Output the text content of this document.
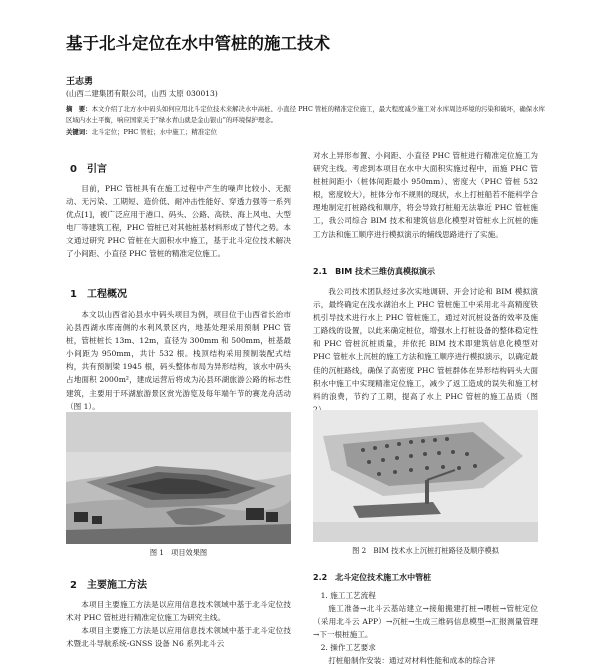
基于北斗定位在水中管桩的施工技术
王志勇
(山西二建集团有限公司，山西 太原 030013)
摘　要：本文介绍了北方水中码头如何应用北斗定位技术来解决水中高桩、小直径 PHC 管桩的精准定位施工，最大程度减少施工对水库周边环境的污染和破坏，确保水库区域内水土平衡，响应国家关于“绿水青山就是金山银山”的环境保护理念。
关键词：北斗定位；PHC 管桩；水中施工；精准定位
0　引言

目前，PHC 管桩具有在施工过程中产生的噪声比较小、无振动、无污染、工期短、造价低、耐冲击性能好、穿透力强等一系列优点[1]，被广泛应用于港口、码头、公路、高铁、海上风电、大型电厂等建筑工程，PHC 管桩已对其他桩基材料形成了替代之势。本文通过研究 PHC 管桩在大面积水中施工，基于北斗定位技术解决了小间距、小直径 PHC 管桩的精准定位施工。

1　工程概况

本文以山西省沁县水中码头项目为例，项目位于山西省长治市沁县西湖水库南侧的水利风景区内，地基处理采用预制 PHC 管桩，管桩桩长 13m、12m，直径为 300mm 和 500mm，桩基最小间距为 950mm，共计 532 根。栈顶结构采用预制装配式结构，共有预制梁 1945 根，码头整体布局为异形结构，该水中码头占地面积 2000m²，建成运营后将成为沁县环湖旅游公路的标志性建筑，主要用于环湖旅游景区赏光游览及每年端午节的赛龙舟活动（图 1）。

图 1　项目效果图
2　主要施工方法

本项目主要施工方法是以应用信息技术领域中基于北斗定位技术对 PHC 管桩进行精准定位施工为研究主线。

本项目主要施工方法是以应用信息技术领域中基于北斗定位技术暨北斗导航系统-GNSS 设备 N6 系列北斗云

对水上异形布置、小间距、小直径 PHC 管桩进行精准定位施工为研究主线。考虑到本项目在水中大面积实施过程中，而施 PHC 管桩桩间距小（桩体间距最小 950mm）、密度大（PHC 管桩 532 根，密度较大），桩体分布不规则的现状，水上打桩船若不能科学合理地制定打桩路线和顺序，将会导致打桩船无法靠近 PHC 管桩施工，我公司综合 BIM 技术和建筑信息化模型对管桩水上沉桩的施工方法和施工顺序进行模拟演示的辅线思路进行了实施。

2.1　BIM 技术三维仿真模拟演示

我公司技术团队经过多次实地调研、开会讨论和 BIM 模拟演示，最终确定在浅水湖泊水上 PHC 管桩施工中采用北斗高精度铁机引导技术进行水上 PHC 管桩施工，通过对沉桩设备的效率及施工路线的设置，以此来确定桩位，增强水上打桩设备的整体稳定性和 PHC 管桩沉桩质量，并依托 BIM 技术即建筑信息化模型对 PHC 管桩水上沉桩的施工方法和施工顺序进行模拟演示，以确定最佳的沉桩路线，确保了高密度 PHC 管桩群体在异形结构码头大面积水中施工中实现精准定位施工，减少了返工造成的误失和施工材料的浪费，节约了工期，提高了水上 PHC 管桩的施工品质（图

图 2　BIM 技术水上沉桩打桩路径及顺序模拟
2.2　北斗定位技术施工水中管桩

1. 施工工艺流程

施工准备→北斗云基站建立→接船搬建打桩→喂桩→管桩定位（采用北斗云 APP）→沉桩→生成三维码信息模型→汇报测量管理→下一根桩施工。

2. 操作工艺要求

打桩船制作安装：通过对材料性能和成本的综合评
